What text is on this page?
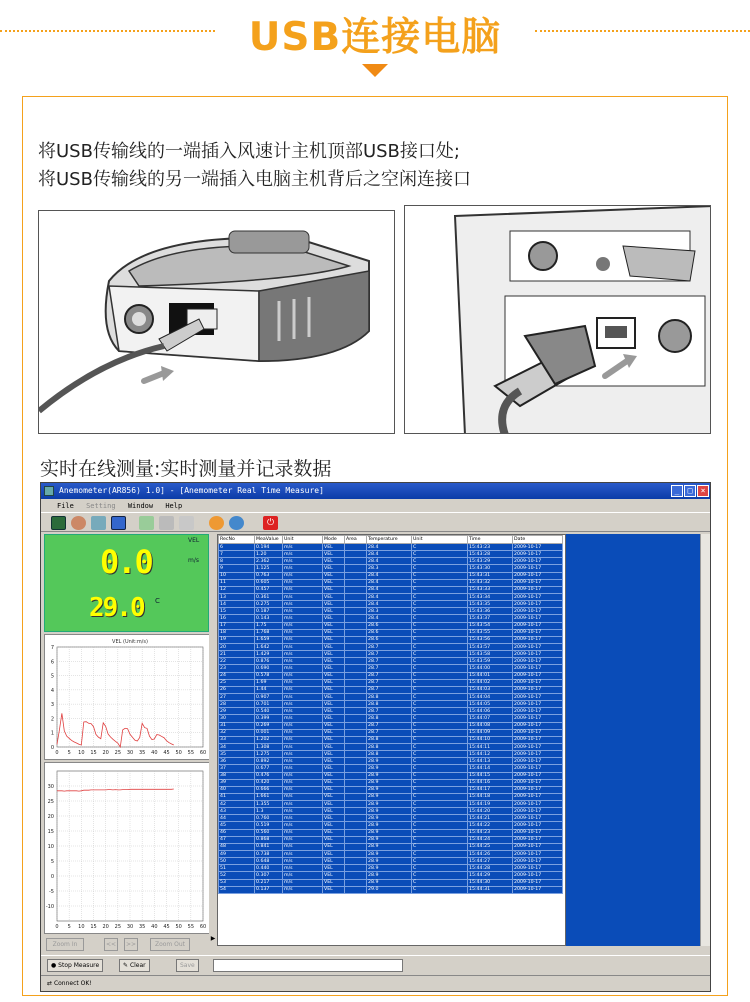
USB连接电脑
将USB传输线的一端插入风速计主机顶部USB接口处;
将USB传输线的另一端插入电脑主机背后之空闲连接口
实时在线测量:实时测量并记录数据
Anemometer(AR856) 1.0] - [Anemometer Real Time Measure]	_	□	×
File Setting Window Help
⏻
VEL
m/s
0.0
29.0 C
VEL (Unit:m/s)
0 5 10 15 20 25 30 35 40 45 50 55 60
0
1
2
3
4
5
6
7
0 5 10 15 20 25 30 35 40 45 50 55 60
30
25
20
15
10
5
0
-5
-10
Zoom In	<<	>>	Zoom Out
▶
RecNo	MeaValue	Unit	Mode	Area	Temperature	Unit	Time	Date
6	0.194	m/s	VEL		28.4	C	15:43:23	2009-10-17
7	1.20	m/s	VEL		28.4	C	15:43:28	2009-10-17
8	2.362	m/s	VEL		28.4	C	15:43:29	2009-10-17
9	1.125	m/s	VEL		28.3	C	15:43:30	2009-10-17
10	0.763	m/s	VEL		28.4	C	15:43:31	2009-10-17
11	0.605	m/s	VEL		28.4	C	15:43:32	2009-10-17
12	0.457	m/s	VEL		28.4	C	15:43:33	2009-10-17
13	0.361	m/s	VEL		28.4	C	15:43:34	2009-10-17
14	0.275	m/s	VEL		28.4	C	15:43:35	2009-10-17
15	0.187	m/s	VEL		28.3	C	15:43:36	2009-10-17
16	0.143	m/s	VEL		28.4	C	15:43:37	2009-10-17
17	1.75	m/s	VEL		28.6	C	15:43:54	2009-10-17
18	1.768	m/s	VEL		28.6	C	15:43:55	2009-10-17
19	1.659	m/s	VEL		28.6	C	15:43:56	2009-10-17
20	1.642	m/s	VEL		28.7	C	15:43:57	2009-10-17
21	1.429	m/s	VEL		28.7	C	15:43:58	2009-10-17
22	0.876	m/s	VEL		28.7	C	15:43:59	2009-10-17
23	0.690	m/s	VEL		28.7	C	15:44:00	2009-10-17
24	0.578	m/s	VEL		28.7	C	15:44:01	2009-10-17
25	1.69	m/s	VEL		28.7	C	15:44:02	2009-10-17
26	1.44	m/s	VEL		28.7	C	15:44:03	2009-10-17
27	0.907	m/s	VEL		28.8	C	15:44:04	2009-10-17
28	0.701	m/s	VEL		28.8	C	15:44:05	2009-10-17
29	0.540	m/s	VEL		28.7	C	15:44:06	2009-10-17
30	0.399	m/s	VEL		28.8	C	15:44:07	2009-10-17
31	0.269	m/s	VEL		28.7	C	15:44:08	2009-10-17
32	0.001	m/s	VEL		28.7	C	15:44:09	2009-10-17
33	1.202	m/s	VEL		28.8	C	15:44:10	2009-10-17
34	1.308	m/s	VEL		28.8	C	15:44:11	2009-10-17
35	1.275	m/s	VEL		28.8	C	15:44:12	2009-10-17
36	0.892	m/s	VEL		28.9	C	15:44:13	2009-10-17
37	0.677	m/s	VEL		28.9	C	15:44:14	2009-10-17
38	0.476	m/s	VEL		28.9	C	15:44:15	2009-10-17
39	0.420	m/s	VEL		28.9	C	15:44:16	2009-10-17
40	0.666	m/s	VEL		28.9	C	15:44:17	2009-10-17
41	1.661	m/s	VEL		28.9	C	15:44:18	2009-10-17
42	1.355	m/s	VEL		28.9	C	15:44:19	2009-10-17
43	1.3	m/s	VEL		28.9	C	15:44:20	2009-10-17
44	0.760	m/s	VEL		28.9	C	15:44:21	2009-10-17
45	0.519	m/s	VEL		28.9	C	15:44:22	2009-10-17
46	0.560	m/s	VEL		28.9	C	15:44:23	2009-10-17
47	0.868	m/s	VEL		28.9	C	15:44:24	2009-10-17
48	0.841	m/s	VEL		28.9	C	15:44:25	2009-10-17
49	0.738	m/s	VEL		28.9	C	15:44:26	2009-10-17
50	0.648	m/s	VEL		28.9	C	15:44:27	2009-10-17
51	0.440	m/s	VEL		28.9	C	15:44:28	2009-10-17
52	0.307	m/s	VEL		28.9	C	15:44:29	2009-10-17
53	0.217	m/s	VEL		28.9	C	15:44:30	2009-10-17
54	0.137	m/s	VEL		29.0	C	15:44:31	2009-10-17
● Stop Measure	✎ Clear	Save
⇄ Connect OK!
